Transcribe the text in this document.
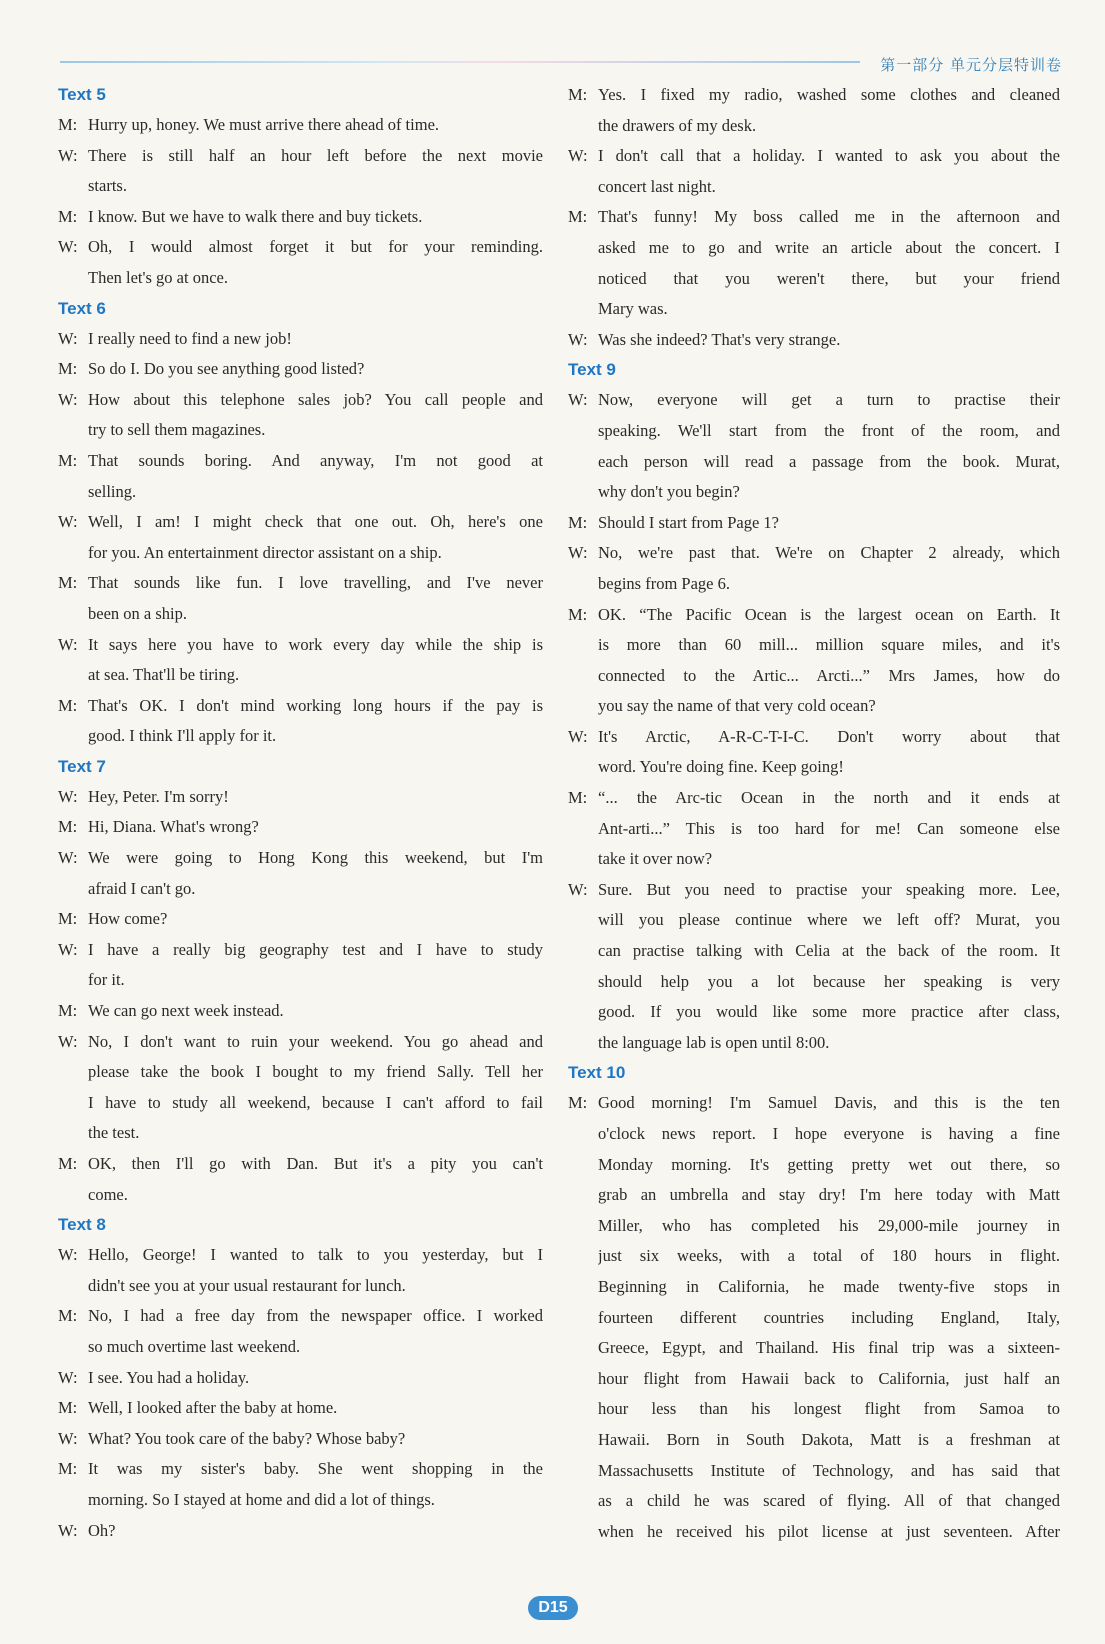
第一部分 单元分层特训卷
Text 5
M: Hurry up, honey. We must arrive there ahead of time.
W: There is still half an hour left before the next movie
starts.
M: I know. But we have to walk there and buy tickets.
W: Oh, I would almost forget it but for your reminding.
Then let's go at once.
Text 6
W: I really need to find a new job!
M: So do I. Do you see anything good listed?
W: How about this telephone sales job? You call people and
try to sell them magazines.
M: That sounds boring. And anyway, I'm not good at
selling.
W: Well, I am! I might check that one out. Oh, here's one
for you. An entertainment director assistant on a ship.
M: That sounds like fun. I love travelling, and I've never
been on a ship.
W: It says here you have to work every day while the ship is
at sea. That'll be tiring.
M: That's OK. I don't mind working long hours if the pay is
good. I think I'll apply for it.
Text 7
W: Hey, Peter. I'm sorry!
M: Hi, Diana. What's wrong?
W: We were going to Hong Kong this weekend, but I'm
afraid I can't go.
M: How come?
W: I have a really big geography test and I have to study
for it.
M: We can go next week instead.
W: No, I don't want to ruin your weekend. You go ahead and
please take the book I bought to my friend Sally. Tell her
I have to study all weekend, because I can't afford to fail
the test.
M: OK, then I'll go with Dan. But it's a pity you can't
come.
Text 8
W: Hello, George! I wanted to talk to you yesterday, but I
didn't see you at your usual restaurant for lunch.
M: No, I had a free day from the newspaper office. I worked
so much overtime last weekend.
W: I see. You had a holiday.
M: Well, I looked after the baby at home.
W: What? You took care of the baby? Whose baby?
M: It was my sister's baby. She went shopping in the
morning. So I stayed at home and did a lot of things.
W: Oh?
M: Yes. I fixed my radio, washed some clothes and cleaned
the drawers of my desk.
W: I don't call that a holiday. I wanted to ask you about the
concert last night.
M: That's funny! My boss called me in the afternoon and
asked me to go and write an article about the concert. I
noticed that you weren't there, but your friend
Mary was.
W: Was she indeed? That's very strange.
Text 9
W: Now, everyone will get a turn to practise their
speaking. We'll start from the front of the room, and
each person will read a passage from the book. Murat,
why don't you begin?
M: Should I start from Page 1?
W: No, we're past that. We're on Chapter 2 already, which
begins from Page 6.
M: OK. “The Pacific Ocean is the largest ocean on Earth. It
is more than 60 mill... million square miles, and it's
connected to the Artic... Arcti...” Mrs James, how do
you say the name of that very cold ocean?
W: It's Arctic, A-R-C-T-I-C. Don't worry about that
word. You're doing fine. Keep going!
M: “... the Arc-tic Ocean in the north and it ends at
Ant-arti...” This is too hard for me! Can someone else
take it over now?
W: Sure. But you need to practise your speaking more. Lee,
will you please continue where we left off? Murat, you
can practise talking with Celia at the back of the room. It
should help you a lot because her speaking is very
good. If you would like some more practice after class,
the language lab is open until 8:00.
Text 10
M: Good morning! I'm Samuel Davis, and this is the ten
o'clock news report. I hope everyone is having a fine
Monday morning. It's getting pretty wet out there, so
grab an umbrella and stay dry! I'm here today with Matt
Miller, who has completed his 29,000-mile journey in
just six weeks, with a total of 180 hours in flight.
Beginning in California, he made twenty-five stops in
fourteen different countries including England, Italy,
Greece, Egypt, and Thailand. His final trip was a sixteen-
hour flight from Hawaii back to California, just half an
hour less than his longest flight from Samoa to
Hawaii. Born in South Dakota, Matt is a freshman at
Massachusetts Institute of Technology, and has said that
as a child he was scared of flying. All of that changed
when he received his pilot license at just seventeen. After
D15
